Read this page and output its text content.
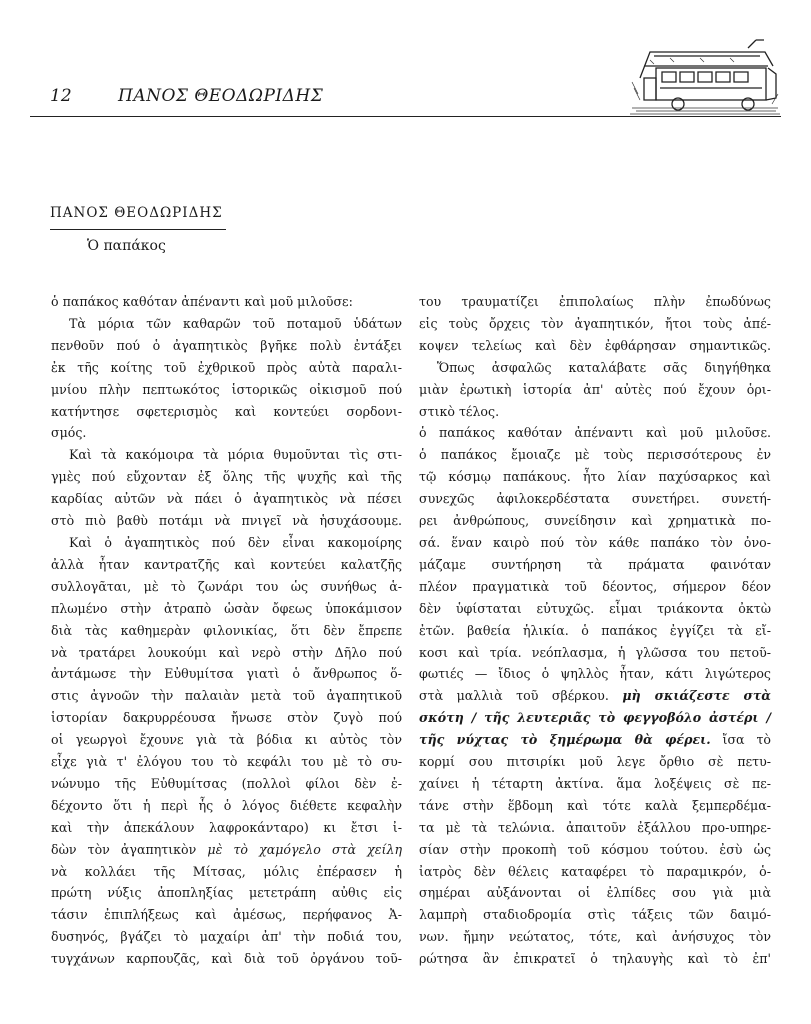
12	ΠΑΝΟΣ ΘΕΟΔΩΡΙΔΗΣ
ΠΑΝΟΣ ΘΕΟΔΩΡΙΔΗΣ
Ὁ παπάκος

ὁ παπάκος καθόταν ἀπέναντι καὶ μοῦ μιλοῦσε:

Τὰ μόρια τῶν καθαρῶν τοῦ ποταμοῦ ὑδάτων

πενθοῦν πού ὁ ἀγαπητικὸς βγῆκε πολὺ ἐντάξει

ἐκ τῆς κοίτης τοῦ ἐχθρικοῦ πρὸς αὐτὰ παραλι-

μνίου πλὴν πεπτωκότος ἱστορικῶς οἰκισμοῦ πού

κατήντησε σφετερισμὸς καὶ κοντεύει σορδονι-

σμός.

Καὶ τὰ κακόμοιρα τὰ μόρια θυμοῦνται τὶς στι-

γμὲς πού εὔχονταν ἐξ ὅλης τῆς ψυχῆς καὶ τῆς

καρδίας αὐτῶν νὰ πάει ὁ ἀγαπητικὸς νὰ πέσει

στὸ πιὸ βαθὺ ποτάμι νὰ πνιγεῖ νὰ ἡσυχάσουμε.

Καὶ ὁ ἀγαπητικὸς πού δὲν εἶναι κακομοίρης

ἀλλὰ ἦταν καντρατζῆς καὶ κοντεύει καλατζῆς

συλλογᾶται, μὲ τὸ ζωνάρι του ὡς συνήθως ἁ-

πλωμένο στὴν ἀτραπὸ ὡσὰν ὄφεως ὑποκάμισον

διὰ τὰς καθημερὰν φιλονικίας, ὅτι δὲν ἔπρεπε

νὰ τρατάρει λουκούμι καὶ νερὸ στὴν Δῆλο πού

ἀντάμωσε τὴν Εὐθυμίτσα γιατὶ ὁ ἄνθρωπος ὅ-

στις ἀγνοῶν τὴν παλαιὰν μετὰ τοῦ ἀγαπητικοῦ

ἱστορίαν δακρυρρέουσα ἤνωσε στὸν ζυγὸ πού

οἱ γεωργοὶ ἔχουνε γιὰ τὰ βόδια κι αὐτὸς τὸν

εἶχε γιὰ τ' ἐλόγου του τὸ κεφάλι του μὲ τὸ συ-

νώνυμο τῆς Εὐθυμίτσας (πολλοὶ φίλοι δὲν ἐ-

δέχοντο ὅτι ἡ περὶ ἧς ὁ λόγος διέθετε κεφαλὴν

καὶ τὴν ἀπεκάλουν λαφροκάνταρο) κι ἔτσι ἰ-

δὼν τὸν ἀγαπητικὸν μὲ τὸ χαμόγελο στὰ χείλη

νὰ κολλάει τῆς Μίτσας, μόλις ἐπέρασεν ἡ

πρώτη νύξις ἀποπληξίας μετετράπη αὐθις εἰς

τάσιν ἐπιπλήξεως καὶ ἀμέσως, περήφανος Ἀ-

δυσηνός, βγάζει τὸ μαχαίρι ἀπ' τὴν ποδιά του,

τυγχάνων καρπουζᾶς, καὶ διὰ τοῦ ὀργάνου τοῦ-

του τραυματίζει ἐπιπολαίως πλὴν ἐπωδύνως

εἰς τοὺς ὄρχεις τὸν ἀγαπητικόν, ἤτοι τοὺς ἀπέ-

κοψεν τελείως καὶ δὲν ἐφθάρησαν σημαντικῶς.

Ὅπως ἀσφαλῶς καταλάβατε σᾶς διηγήθηκα

μιὰν ἐρωτικὴ ἱστορία ἀπ' αὐτὲς πού ἔχουν ὁρι-

στικὸ τέλος.

ὁ παπάκος καθόταν ἀπέναντι καὶ μοῦ μιλοῦσε.

ὁ παπάκος ἔμοιαζε μὲ τοὺς περισσότερους ἐν

τῷ κόσμῳ παπάκους. ἦτο λίαν παχύσαρκος καὶ

συνεχῶς ἀφιλοκερδέστατα συνετήρει. συνετή-

ρει ἀνθρώπους, συνείδησιν καὶ χρηματικὰ πο-

σά. ἕναν καιρὸ πού τὸν κάθε παπάκο τὸν ὀνο-

μάζαμε συντήρηση τὰ πράματα φαινόταν

πλέον πραγματικὰ τοῦ δέοντος, σήμερον δέον

δὲν ὑφίσταται εὐτυχῶς. εἶμαι τριάκοντα ὀκτὼ

ἐτῶν. βαθεία ἡλικία. ὁ παπάκος ἐγγίζει τὰ εἴ-

κοσι καὶ τρία. νεόπλασμα, ἡ γλῶσσα του πετοῦ-

φωτιές — ἴδιος ὁ ψηλλὸς ἦταν, κάτι λιγώτερος

στὰ μαλλιὰ τοῦ σβέρκου. μὴ σκιάζεστε στὰ

σκότη / τῆς λευτεριᾶς τὸ φεγγοβόλο ἀστέρι /

τῆς νύχτας τὸ ξημέρωμα θὰ φέρει. ἴσα τὸ

κορμί σου πιτσιρίκι μοῦ λεγε ὄρθιο σὲ πετυ-

χαίνει ἡ τέταρτη ἀκτίνα. ἅμα λοξέψεις σὲ πε-

τάνε στὴν ἕβδομη καὶ τότε καλὰ ξεμπερδέμα-

τα μὲ τὰ τελώνια. ἀπαιτοῦν ἐξάλλου προ-υπηρε-

σίαν στὴν προκοπὴ τοῦ κόσμου τούτου. ἐσὺ ὡς

ἰατρὸς δὲν θέλεις καταφέρει τὸ παραμικρόν, ὁ-

σημέραι αὐξάνονται οἱ ἐλπίδες σου γιὰ μιὰ

λαμπρὴ σταδιοδρομία στὶς τάξεις τῶν δαιμό-

νων. ἤμην νεώτατος, τότε, καὶ ἀνήσυχος τὸν

ρώτησα ἂν ἐπικρατεῖ ὁ τηλαυγὴς καὶ τὸ ἐπ'
